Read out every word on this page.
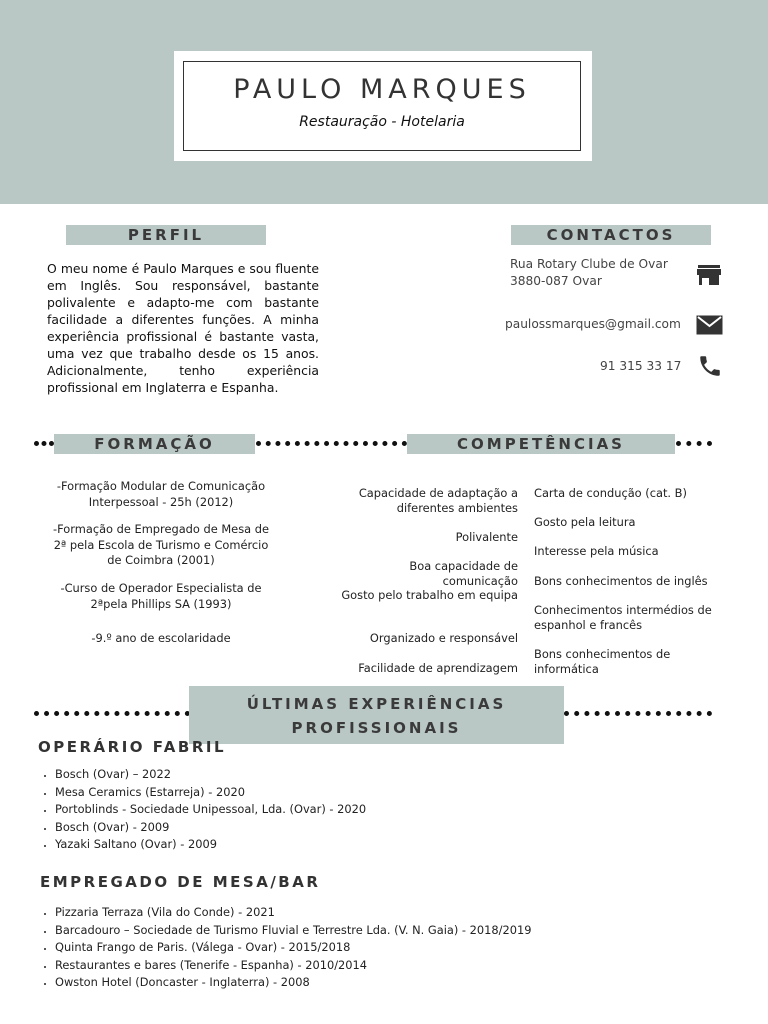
PAULO MARQUES
Restauração - Hotelaria
PERFIL
O meu nome é Paulo Marques e sou fluente em Inglês. Sou responsável, bastante polivalente e adapto-me com bastante facilidade a diferentes funções. A minha experiência profissional é bastante vasta, uma vez que trabalho desde os 15 anos. Adicionalmente, tenho experiência profissional em Inglaterra e Espanha.
CONTACTOS
Rua Rotary Clube de Ovar
3880-087 Ovar
paulossmarques@gmail.com
91 315 33 17
FORMAÇÃO	COMPETÊNCIAS
-Formação Modular de Comunicação Interpessoal - 25h (2012)
-Formação de Empregado de Mesa de 2ª pela Escola de Turismo e Comércio de Coimbra (2001)
-Curso de Operador Especialista de 2ªpela Phillips SA (1993)
-9.º ano de escolaridade
Capacidade de adaptação a diferentes ambientes
Polivalente
Boa capacidade de comunicação
Gosto pelo trabalho em equipa
Organizado e responsável
Facilidade de aprendizagem
Carta de condução (cat. B)
Gosto pela leitura
Interesse pela música
Bons conhecimentos de inglês
Conhecimentos intermédios de espanhol e francês
Bons conhecimentos de informática
ÚLTIMAS EXPERIÊNCIAS
PROFISSIONAIS
OPERÁRIO FABRIL
• Bosch (Ovar) – 2022
• Mesa Ceramics (Estarreja) - 2020
• Portoblinds - Sociedade Unipessoal, Lda. (Ovar) - 2020
• Bosch (Ovar) - 2009
• Yazaki Saltano (Ovar) - 2009
EMPREGADO DE MESA/BAR
• Pizzaria Terraza (Vila do Conde) - 2021
• Barcadouro – Sociedade de Turismo Fluvial e Terrestre Lda. (V. N. Gaia) - 2018/2019
• Quinta Frango de Paris. (Válega - Ovar) - 2015/2018
• Restaurantes e bares (Tenerife - Espanha) - 2010/2014
• Owston Hotel (Doncaster - Inglaterra) - 2008
